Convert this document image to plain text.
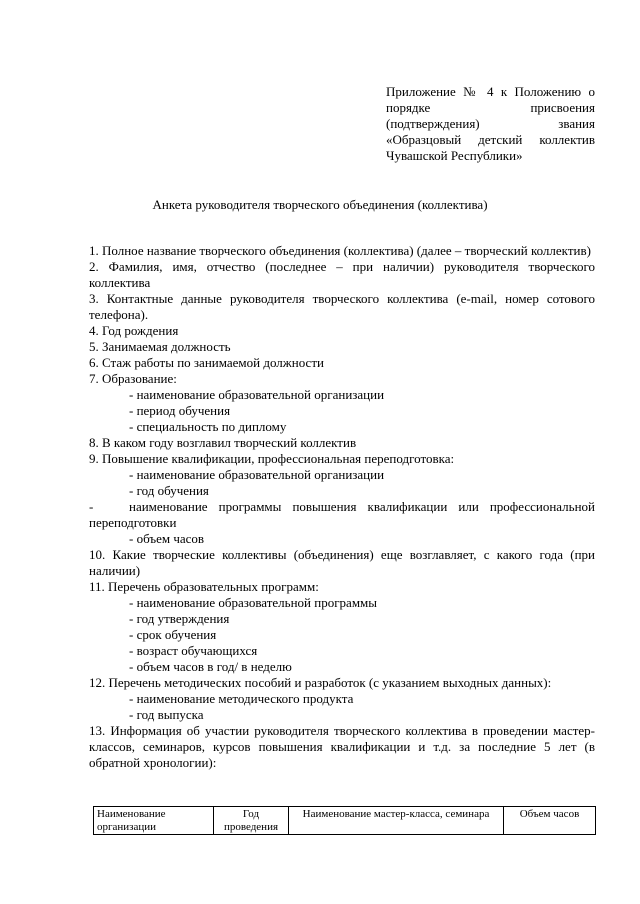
Приложение № 4 к Положению о
порядке присвоения
(подтверждения) звания
«Образцовый детский коллектив
Чувашской Республики»
Анкета руководителя творческого объединения (коллектива)

1. Полное название творческого объединения (коллектива) (далее – творческий коллектив)

2. Фамилия, имя, отчество (последнее – при наличии) руководителя творческого коллектива

3. Контактные данные руководителя творческого коллектива (e-mail, номер сотового телефона).

4. Год рождения

5. Занимаемая должность

6. Стаж работы по занимаемой должности

7. Образование:

- наименование образовательной организации

- период обучения

- специальность по диплому

8. В каком году возглавил творческий коллектив

9. Повышение квалификации, профессиональная переподготовка:

- наименование образовательной организации

- год обучения

-	наименование программы повышения квалификации или профессиональной переподготовки

- объем часов

10. Какие творческие коллективы (объединения) еще возглавляет, с какого года (при наличии)

11. Перечень образовательных программ:

- наименование образовательной программы

- год утверждения

- срок обучения

- возраст обучающихся

- объем часов в год/ в неделю

12. Перечень методических пособий и разработок (с указанием выходных данных):

- наименование методического продукта

- год выпуска

13. Информация об участии руководителя творческого коллектива в проведении мастер-классов, семинаров, курсов повышения квалификации и т.д. за последние 5 лет (в обратной хронологии):

Наименование организации	Год проведения	Наименование мастер-класса, семинара	Объем часов
